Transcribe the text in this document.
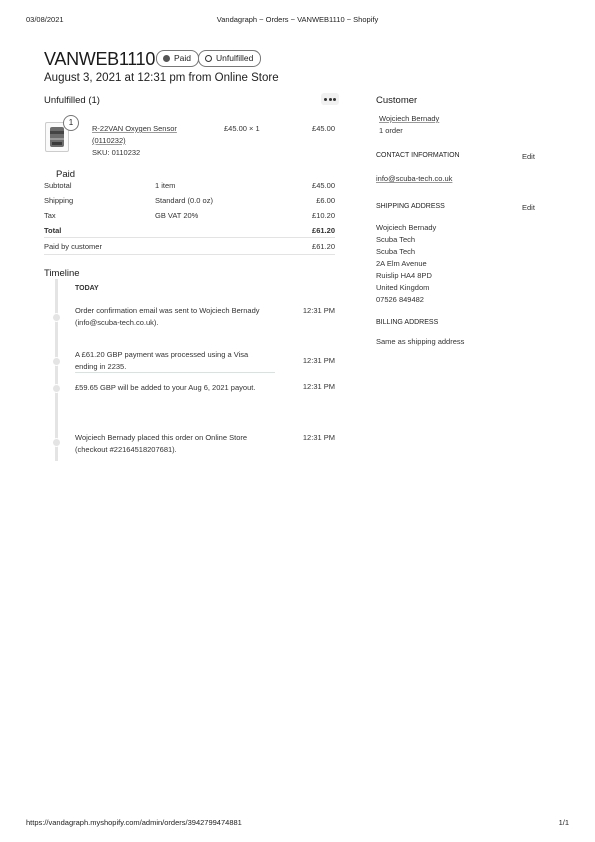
03/08/2021	Vandagraph ~ Orders ~ VANWEB1110 ~ Shopify
https://vandagraph.myshopify.com/admin/orders/3942799474881	1/1
VANWEB1110 Paid	Unfulfilled
August 3, 2021 at 12:31 pm from Online Store
Unfulfilled (1)
1
R-22VAN Oxygen Sensor
(0110232)
SKU: 0110232
£45.00 × 1	£45.00
Paid
Subtotal	1 item	£45.00
Shipping	Standard (0.0 oz)	£6.00
Tax	GB VAT 20%	£10.20
Total	£61.20
Paid by customer	£61.20
Timeline
TODAY
Order confirmation email was sent to Wojciech Bernady
(info@scuba-tech.co.uk).
12:31 PM
A £61.20 GBP payment was processed using a Visa
ending in 2235.
12:31 PM
£59.65 GBP will be added to your Aug 6, 2021 payout.	12:31 PM
Wojciech Bernady placed this order on Online Store
(checkout #22164518207681).
12:31 PM
Customer
Wojciech Bernady
1 order
CONTACT INFORMATION	Edit
info@scuba-tech.co.uk
SHIPPING ADDRESS	Edit
Wojciech Bernady
Scuba Tech
Scuba Tech
2A Elm Avenue
Ruislip HA4 8PD
United Kingdom
07526 849482
BILLING ADDRESS
Same as shipping address
